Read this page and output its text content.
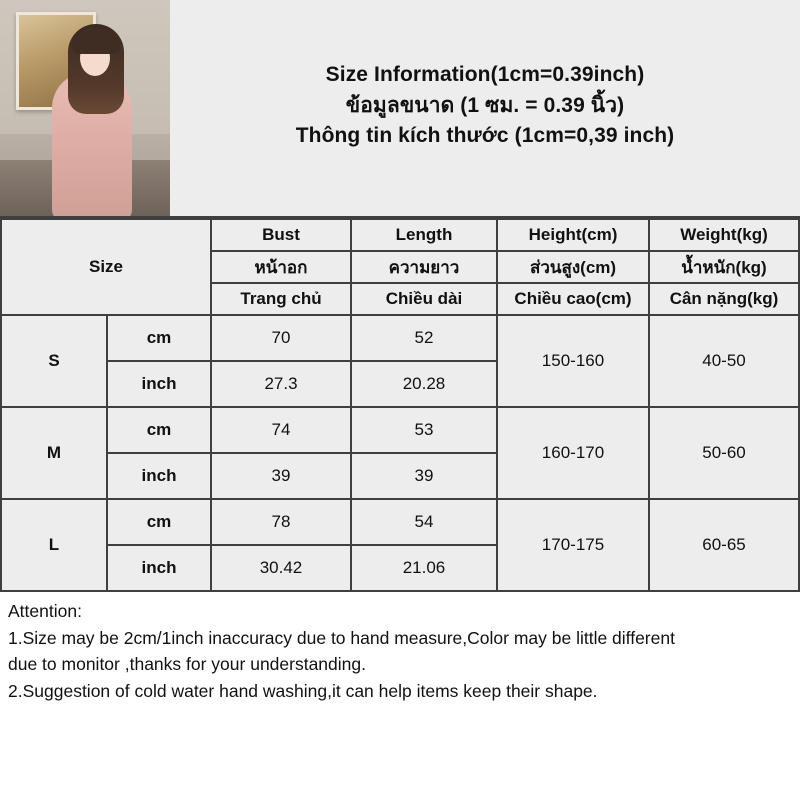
Size Information(1cm=0.39inch)
ข้อมูลขนาด (1 ซม. = 0.39 นิ้ว)
Thông tin kích thước (1cm=0,39 inch)
Size		Bust	Length	Height(cm)	Weight(kg)
		หน้าอก	ความยาว	ส่วนสูง(cm)	น้ำหนัก(kg)
		Trang chủ	Chiều dài	Chiều cao(cm)	Cân nặng(kg)
S	cm	70	52	150-160	40-50
	inch	27.3	20.28		
M	cm	74	53	160-170	50-60
	inch	39	39		
L	cm	78	54	170-175	60-65
	inch	30.42	21.06		
Attention:
1.Size may be 2cm/1inch inaccuracy due to hand measure,Color may be little different
due to monitor ,thanks for your understanding.
2.Suggestion of cold water hand washing,it can help items keep their shape.
